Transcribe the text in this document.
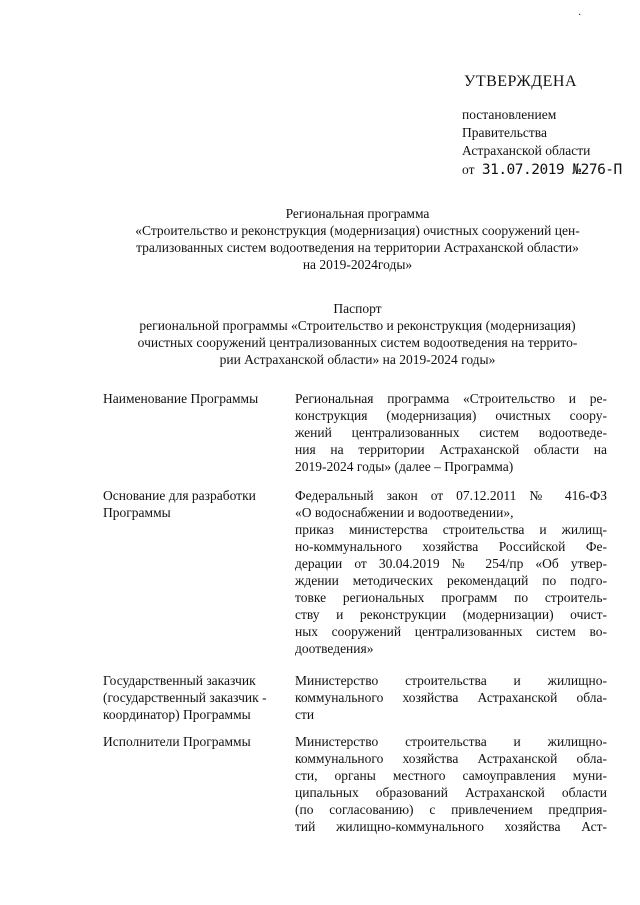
·
УТВЕРЖДЕНА
постановлением
Правительства
Астраханской области
от 31.07.2019 №276-П
Региональная программа
«Строительство и реконструкция (модернизация) очистных сооружений цен-
трализованных систем водоотведения на территории Астраханской области»
на 2019-2024годы»
Паспорт
региональной программы «Строительство и реконструкция (модернизация)
очистных сооружений централизованных систем водоотведения на террито-
рии Астраханской области» на 2019-2024 годы»
Наименование Программы	Региональная программа «Строительство и ре-
конструкция (модернизация) очистных соору-
жений централизованных систем водоотведе-
ния на территории Астраханской области на
2019-2024 годы» (далее – Программа)
Основание для разработки
Программы
Федеральный закон от 07.12.2011 № 416-ФЗ
«О водоснабжении и водоотведении»,
приказ министерства строительства и жилищ-
но-коммунального хозяйства Российской Фе-
дерации от 30.04.2019 № 254/пр «Об утвер-
ждении методических рекомендаций по подго-
товке региональных программ по строитель-
ству и реконструкции (модернизации) очист-
ных сооружений централизованных систем во-
доотведения»
Государственный заказчик
(государственный заказчик -
координатор) Программы
Министерство строительства и жилищно-
коммунального хозяйства Астраханской обла-
сти
Исполнители Программы	Министерство строительства и жилищно-
коммунального хозяйства Астраханской обла-
сти, органы местного самоуправления муни-
ципальных образований Астраханской области
(по согласованию) с привлечением предприя-
тий жилищно-коммунального хозяйства Аст-
